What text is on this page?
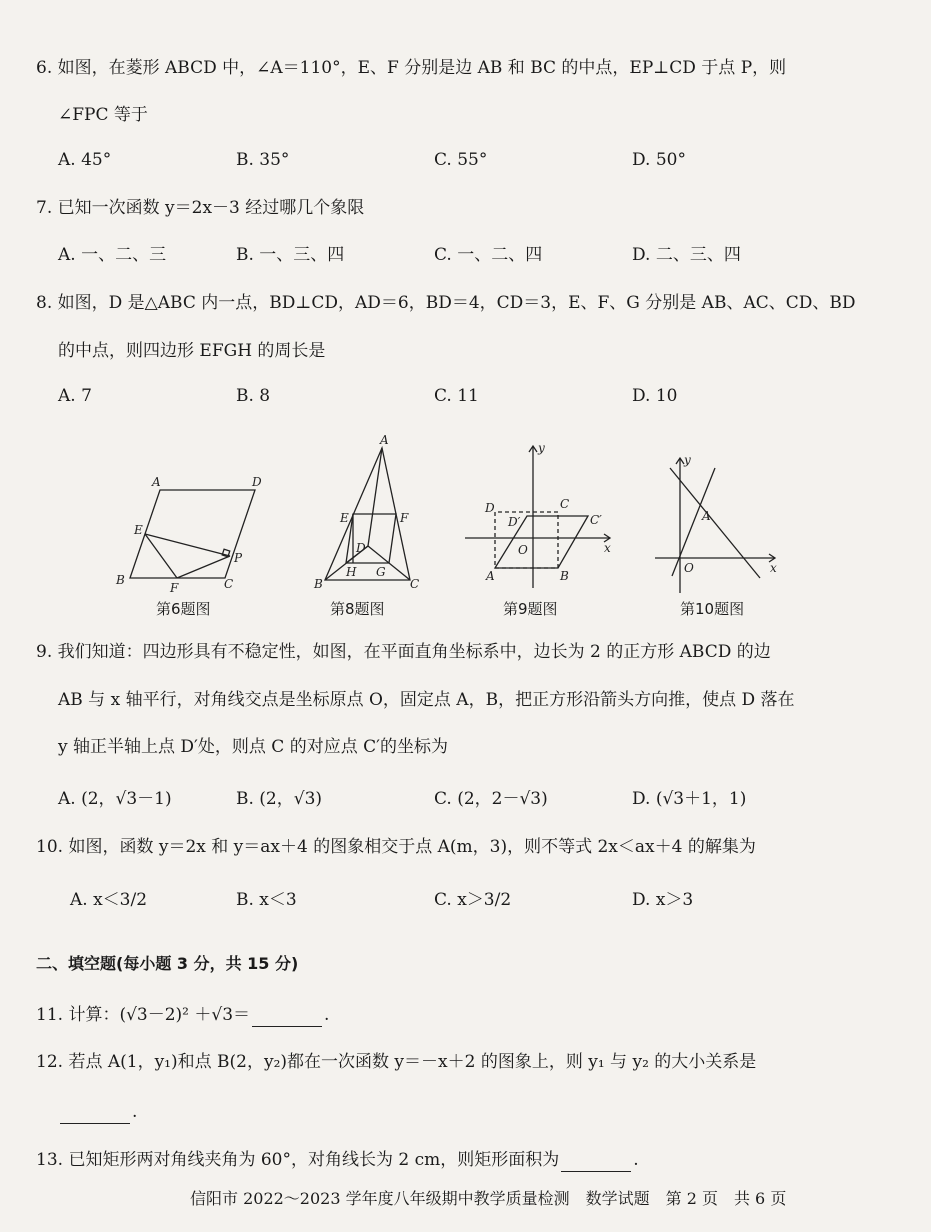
6. 如图，在菱形 ABCD 中，∠A＝110°，E、F 分别是边 AB 和 BC 的中点，EP⊥CD 于点 P，则
∠FPC 等于
A. 45°	B. 35°	C. 55°	D. 50°
7. 已知一次函数 y＝2x－3 经过哪几个象限
A. 一、二、三	B. 一、三、四	C. 一、二、四	D. 二、三、四
8. 如图，D 是△ABC 内一点，BD⊥CD，AD＝6，BD＝4，CD＝3，E、F、G 分别是 AB、AC、CD、BD
的中点，则四边形 EFGH 的周长是
A. 7	B. 8	C. 11	D. 10
A	D
E
P
B
F	C
A
E	F
D
H G
B	C
y
x
D	C
D′	C′
O
A	B
y
x
A
O
第6题图	第8题图	第9题图	第10题图
9. 我们知道：四边形具有不稳定性，如图，在平面直角坐标系中，边长为 2 的正方形 ABCD 的边
AB 与 x 轴平行，对角线交点是坐标原点 O，固定点 A，B，把正方形沿箭头方向推，使点 D 落在
y 轴正半轴上点 D′处，则点 C 的对应点 C′的坐标为
A. (2，√3－1)	B. (2，√3)	C. (2，2－√3)	D. (√3＋1，1)
10. 如图，函数 y＝2x 和 y＝ax＋4 的图象相交于点 A(m，3)，则不等式 2x＜ax＋4 的解集为
A. x＜3/2	B. x＜3	C. x＞3/2	D. x＞3
二、填空题(每小题 3 分，共 15 分)
11. 计算：(√3－2)² ＋√3＝	.
12. 若点 A(1，y₁)和点 B(2，y₂)都在一次函数 y＝－x＋2 的图象上，则 y₁ 与 y₂ 的大小关系是
.
13. 已知矩形两对角线夹角为 60°，对角线长为 2 cm，则矩形面积为	.
信阳市 2022～2023 学年度八年级期中教学质量检测　数学试题　第 2 页　共 6 页
